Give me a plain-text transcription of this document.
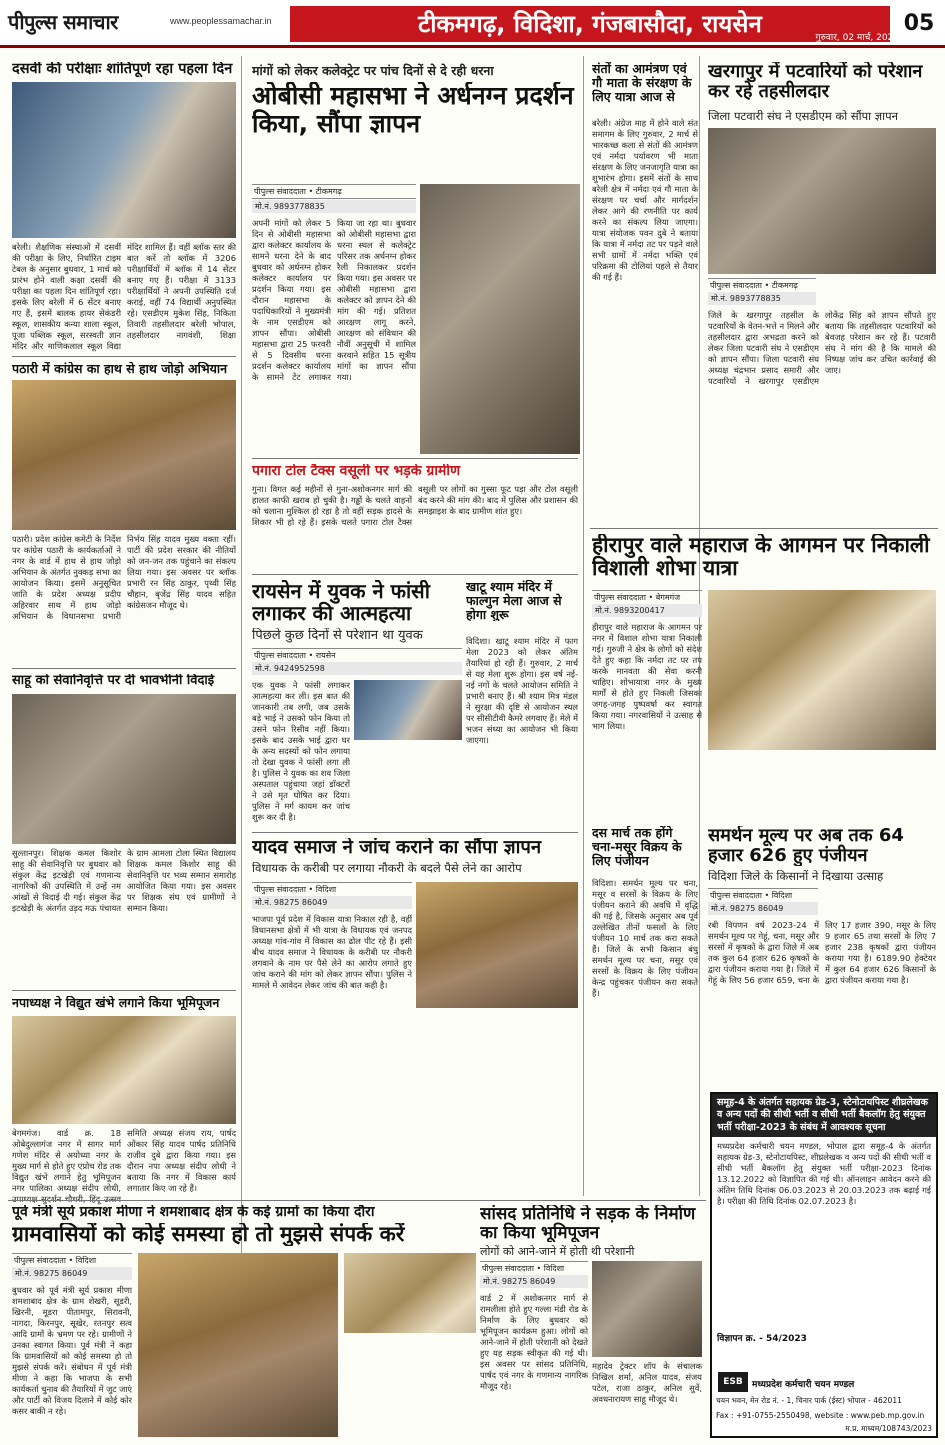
पीपुल्स समाचार	www.peoplessamachar.in	टीकमगढ़, विदिशा, गंजबासौदा, रायसेन	05
गुरुवार, 02 मार्च, 2023
दसवीं की परीक्षाः शांतिपूर्ण रहा पहला दिन
बरेली। शैक्षणिक संस्थाओं में दसवीं की परीक्षा के लिए, निर्धारित टाइम टेबल के अनुसार बुधवार, 1 मार्च को प्रारंभ होने वाली कक्षा दसवीं की परीक्षा का पहला दिन शांतिपूर्ण रहा। इसके लिए बरेली में 6 सेंटर बनाए गए हैं, इसमें बालक हायर सेकंडरी स्कूल, शासकीय कन्या शाला स्कूल, पूजा पब्लिक स्कूल, सरस्वती ज्ञान मंदिर और माणिकलाल स्कूल विद्या मंदिर शामिल हैं। वहीं ब्लॉक स्तर की बात करें तो ब्लॉक में 3206 परीक्षार्थियों में ब्लॉक में 14 सेंटर बनाए गए हैं। परीक्षा में 3133 परीक्षार्थियों ने अपनी उपस्थिति दर्ज कराई, वहीं 74 विद्यार्थी अनुपस्थित रहे। एसडीएम मुकेश सिंह, निकिता तिवारी तहसीलदार बरेली भोपाल, तहसीलदार नागवंशी, शिक्षा
पठारी में कांग्रेस का हाथ से हाथ जोड़ो अभियान
पठारी। प्रदेश कांग्रेस कमेटी के निर्देश पर कांग्रेस पठारी के कार्यकर्ताओं ने नगर के वार्ड में हाथ से हाथ जोड़ो अभियान के अंतर्गत नुक्कड़ सभा का आयोजन किया। इसमें अनुसूचित जाति के प्रदेश अध्यक्ष प्रदीप अहिरवार साथ में हाथ जोड़ो अभियान के विधानसभा प्रभारी निर्भय सिंह यादव मुख्य वक्ता रहीं। पार्टी की प्रदेश सरकार की नीतियों को जन-जन तक पहुंचाने का संकल्प लिया गया। इस अवसर पर ब्लॉक प्रभारी रन सिंह ठाकुर, पृथ्वी सिंह चौहान, बृजेंद्र सिंह यादव सहित कांग्रेसजन मौजूद थे।
साहू को सेवानिवृत्ति पर दी भावभीनी विदाई
सुल्तानपुर। शिक्षक कमल किशोर साहू की सेवानिवृत्ति पर बुधवार को संकुल केंद्र इटखेड़ी एवं गणमान्य नागरिकों की उपस्थिति में उन्हें नम आंखों से विदाई दी गई। संकुल केंद्र इटखेड़ी के अंतर्गत उड़द मऊ पंचायत के ग्राम आमला टोला स्थित विद्यालय शिक्षक कमल किशोर साहू की सेवानिवृत्ति पर भव्य सम्मान समारोह आयोजित किया गया। इस अवसर पर शिक्षक संघ एवं ग्रामीणों ने सम्मान किया।
नपाध्यक्ष ने विद्युत खंभे लगाने किया भूमिपूजन
बेगमगंज। वार्ड क्र. 18 ओबेदुल्लागंज नगर में सागर मार्ग गणेश मंदिर से अयोध्या नगर के मुख्य मार्ग से होते हुए एप्रोच रोड तक विद्युत खंभे लगाने हेतु भूमिपूजन नगर पालिका अध्यक्ष संदीप लोधी, उपाध्यक्ष सुदर्शन चौधरी, हिंदू उत्सव समिति अध्यक्ष संजय राय, पार्षद ओंकार सिंह यादव पार्षद प्रतिनिधि राजीव दुबे द्वारा किया गया। इस दौरान नपा अध्यक्ष संदीप लोधी ने बताया कि नगर में विकास कार्य लगातार किए जा रहे हैं।
मांगों को लेकर कलेक्ट्रेट पर पांच दिनों से दे रही धरना
ओबीसी महासभा ने अर्धनग्न प्रदर्शन किया, सौंपा ज्ञापन
पीपुल्स संवाददाता • टीकमगढ़
मो.नं. 9893778835
अपनी मांगों को लेकर 5 दिन से ओबीसी महासभा द्वारा कलेक्टर कार्यालय के सामने धरना देने के बाद बुधवार को अर्धनग्न होकर कलेक्टर कार्यालय पर प्रदर्शन किया गया। इस दौरान महासभा के पदाधिकारियों ने मुख्यमंत्री के नाम एसडीएम को ज्ञापन सौंपा। ओबीसी महासभा द्वारा 25 फरवरी से 5 दिवसीय धरना प्रदर्शन कलेक्टर कार्यालय के सामने टेंट लगाकर किया जा रहा था। बुधवार को ओबीसी महासभा द्वारा धरना स्थल से कलेक्ट्रेट परिसर तक अर्धनग्न होकर रैली निकालकर प्रदर्शन किया गया। इस अवसर पर ओबीसी महासभा द्वारा कलेक्टर को ज्ञापन देने की मांग की गई। प्रतिशत आरक्षण लागू करने, आरक्षण को संविधान की नौवीं अनुसूची में शामिल करवाने सहित 15 सूत्रीय मांगों का ज्ञापन सौंपा गया।
पगारा टोल टैक्स वसूली पर भड़के ग्रामीण
गुना। विगत कई महीनों से गुना-अशोकनगर मार्ग की हालत काफी खराब हो चुकी है। गड्ढों के चलते वाहनों को चलाना मुश्किल हो रहा है तो वहीं सड़क हादसे के शिकार भी हो रहे हैं। इसके चलते पगारा टोल टैक्स वसूली पर लोगों का गुस्सा फूट पड़ा और टोल वसूली बंद करने की मांग की। बाद में पुलिस और प्रशासन की समझाइश के बाद ग्रामीण शांत हुए।
रायसेन में युवक ने फांसी लगाकर की आत्महत्या
पिछले कुछ दिनों से परेशान था युवक
पीपुल्स संवाददाता • रायसेन
मो.नं. 9424952598
एक युवक ने फांसी लगाकर आत्महत्या कर ली। इस बात की जानकारी तब लगी, जब उसके बड़े भाई ने उसको फोन किया तो उसने फोन रिसीव नहीं किया। इसके बाद उसके भाई द्वारा घर के अन्य सदस्यों को फोन लगाया तो देखा युवक ने फांसी लगा ली है। पुलिस ने युवक का शव जिला अस्पताल पहुंचाया जहां डॉक्टरों ने उसे मृत घोषित कर दिया। पुलिस ने मर्ग कायम कर जांच शुरू कर दी है।
खाटू श्याम मंदिर में फाल्गुन मेला आज से होगा शुरू
विदिशा। खाटू श्याम मंदिर में फाग मेला 2023 को लेकर अंतिम तैयारियां हो रही हैं। गुरुवार, 2 मार्च से यह मेला शुरू होगा। इस वर्ष नई-नई नगों के चलते आयोजन समिति ने प्रभारी बनाए हैं। श्री श्याम मित्र मंडल ने सुरक्षा की दृष्टि से आयोजन स्थल पर सीसीटीवी कैमरे लगवाए हैं। मेले में भजन संध्या का आयोजन भी किया जाएगा।
यादव समाज ने जांच कराने का सौंपा ज्ञापन
विधायक के करीबी पर लगाया नौकरी के बदले पैसे लेने का आरोप
पीपुल्स संवाददाता • विदिशा
मो.नं. 98275 86049
भाजपा पूर्व प्रदेश में विकास यात्रा निकाल रही है, वहीं विधानसभा क्षेत्रों में भी यात्रा के विधायक एवं जनपद अध्यक्ष गांव-गांव में विकास का ढोल पीट रहे हैं। इसी बीच यादव समाज ने विधायक के करीबी पर नौकरी लगवाने के नाम पर पैसे लेने का आरोप लगाते हुए जांच कराने की मांग को लेकर ज्ञापन सौंपा। पुलिस ने मामले में आवेदन लेकर जांच की बात कही है।
संतों का आमंत्रण एवं गौ माता के संरक्षण के लिए यात्रा आज से
बरेली। अंग्रेज माह में होने वाले संत समागम के लिए गुरुवार, 2 मार्च से भारकच्छ कला से संतों की आमंत्रण एवं नर्मदा पर्यावरण भी माता संरक्षण के लिए जनजागृति यात्रा का शुभारंभ होगा। इसमें संतों के साथ बरेली क्षेत्र में नर्मदा एवं गौ माता के संरक्षण पर चर्चा और मार्गदर्शन लेकर आगे की रणनीति पर कार्य करने का संकल्प लिया जाएगा। यात्रा संयोजक पवन दुबे ने बताया कि यात्रा में नर्मदा तट पर पड़ने वाले सभी ग्रामों में नर्मदा भक्ति एवं परिक्रमा की टोलियां पहले से तैयार की गई हैं।
दस मार्च तक होंगे चना-मसूर विक्रय के लिए पंजीयन
विदिशा। समर्थन मूल्य पर चना, मसूर व सरसों के विक्रय के लिए पंजीयन कराने की अवधि में वृद्धि की गई है, जिसके अनुसार अब पूर्व उल्लेखित तीनों फसलों के लिए पंजीयन 10 मार्च तक करा सकते हैं। जिले के सभी किसान बंधु समर्थन मूल्य पर चना, मसूर एवं सरसों के विक्रय के लिए पंजीयन केन्द्र पहुंचकर पंजीयन करा सकते हैं।
खरगापुर में पटवारियों को परेशान कर रहे तहसीलदार
जिला पटवारी संघ ने एसडीएम को सौंपा ज्ञापन
पीपुल्स संवाददाता • टीकमगढ़
मो.नं. 9893778835
जिले के खरगापुर तहसील के पटवारियों के वेतन-भत्ते न मिलने और तहसीलदार द्वारा अभद्रता करने को लेकर जिला पटवारी संघ ने एसडीएम को ज्ञापन सौंपा। जिला पटवारी संघ अध्यक्ष चंद्रभान प्रसाद समारी और पटवारियों ने खरगापुर एसडीएम लोकेंद्र सिंह को ज्ञापन सौंपते हुए बताया कि तहसीलदार पटवारियों को बेवजह परेशान कर रहे हैं। पटवारी संघ ने मांग की है कि मामले की निष्पक्ष जांच कर उचित कार्रवाई की जाए।
हीरापुर वाले महाराज के आगमन पर निकाली विशाली शोभा यात्रा
पीपुल्स संवाददाता • बेगमगंज
मो.नं. 9893200417
हीरापुर वाले महाराज के आगमन पर नगर में विशाल शोभा यात्रा निकाली गई। गुरुजी ने क्षेत्र के लोगों को संदेश देते हुए कहा कि नर्मदा तट पर तप करके मानवता की सेवा करनी चाहिए। शोभायात्रा नगर के मुख्य मार्गों से होते हुए निकली जिसका जगह-जगह पुष्पवर्षा कर स्वागत किया गया। नगरवासियों ने उत्साह से भाग लिया।
समर्थन मूल्य पर अब तक 64 हजार 626 हुए पंजीयन
विदिशा जिले के किसानों ने दिखाया उत्साह
पीपुल्स संवाददाता • विदिशा
मो.नं. 98275 86049
रबी विपणन वर्ष 2023-24 में समर्थन मूल्य पर गेहूं, चना, मसूर और सरसों में कृषकों के द्वारा जिले में अब तक कुल 64 हजार 626 कृषकों के द्वारा पंजीयन कराया गया है। जिले में गेहूं के लिए 56 हजार 659, चना के लिए 17 हजार 390, मसूर के लिए 9 हजार 65 तथा सरसों के लिए 7 हजार 238 कृषकों द्वारा पंजीयन कराया गया है। 6189.90 हेक्टेयर में कुल 64 हजार 626 किसानों के द्वारा पंजीयन कराया गया है।
पूर्व मंत्री सूर्य प्रकाश मीणा ने शमशाबाद क्षेत्र के कई ग्रामों का किया दौरा
ग्रामवासियों को कोई समस्या हो तो मुझसे संपर्क करें
पीपुल्स संवाददाता • विदिशा
मो.नं. 98275 86049
बुधवार को पूर्व मंत्री सूर्य प्रकाश मीणा शमशाबाद क्षेत्र के ग्राम शेखरी, सूडरी, खिरनी, मूडरा पीतामपुर, सिरावनी, नागदा, किरनपुर, सूखेर, रतनपुर सत्व आदि ग्रामों के भ्रमण पर रहे। ग्रामीणों ने उनका स्वागत किया। पूर्व मंत्री ने कहा कि ग्रामवासियों को कोई समस्या हो तो मुझसे संपर्क करें। संबोधन में पूर्व मंत्री मीणा ने कहा कि भाजपा के सभी कार्यकर्ता चुनाव की तैयारियों में जुट जाएं और पार्टी को विजय दिलाने में कोई कोर कसर बाकी न रहे।
सांसद प्रतिनिधि ने सड़क के निर्माण का किया भूमिपूजन
लोगों को आने-जाने में होती थी परेशानी
पीपुल्स संवाददाता • विदिशा
मो.नं. 98275 86049
वार्ड 2 में अशोकनगर मार्ग से रामलीला होते हुए गल्ला मंडी रोड के निर्माण के लिए बुधवार को भूमिपूजन कार्यक्रम हुआ। लोगों को आने-जाने में होती परेशानी को देखते हुए यह सड़क स्वीकृत की गई थी। इस अवसर पर सांसद प्रतिनिधि, पार्षद एवं नगर के गणमान्य नागरिक मौजूद रहे।
महादेव ट्रेक्टर शॉप के संचालक निखिल शर्मा, अनिल यादव, संजय पटेल, राजा ठाकुर, अनिल सुर्वे, अवधनारायण साहू मौजूद थे।
समूह-4 के अंतर्गत सहायक ग्रेड-3, स्टेनोटायपिस्ट शीघ्रलेखक व अन्य पदों की सीधी भर्ती व सीधी भर्ती बैकलॉग हेतु संयुक्त भर्ती परीक्षा-2023 के संबंध में आवश्यक सूचना
मध्यप्रदेश कर्मचारी चयन मण्डल, भोपाल द्वारा समूह-4 के अंतर्गत सहायक ग्रेड-3, स्टेनोटायपिस्ट, शीघ्रलेखक व अन्य पदों की सीधी भर्ती व सीधी भर्ती बैकलॉग हेतु संयुक्त भर्ती परीक्षा-2023 दिनांक 13.12.2022 को विज्ञापित की गई थी। ऑनलाइन आवेदन करने की अंतिम तिथि दिनांक 06.03.2023 से 20.03.2023 तक बढ़ाई गई है। परीक्षा की तिथि दिनांक 02.07.2023 है।
विज्ञापन क्र. - 54/2023
ESB	मध्यप्रदेश कर्मचारी चयन मण्डल
चयन भवन, मेन रोड नं. - 1, चिनार पार्क (ईस्ट) भोपाल - 462011
Fax : +91-0755-2550498, website : www.peb.mp.gov.in
म.प्र. माध्यम/108743/2023
